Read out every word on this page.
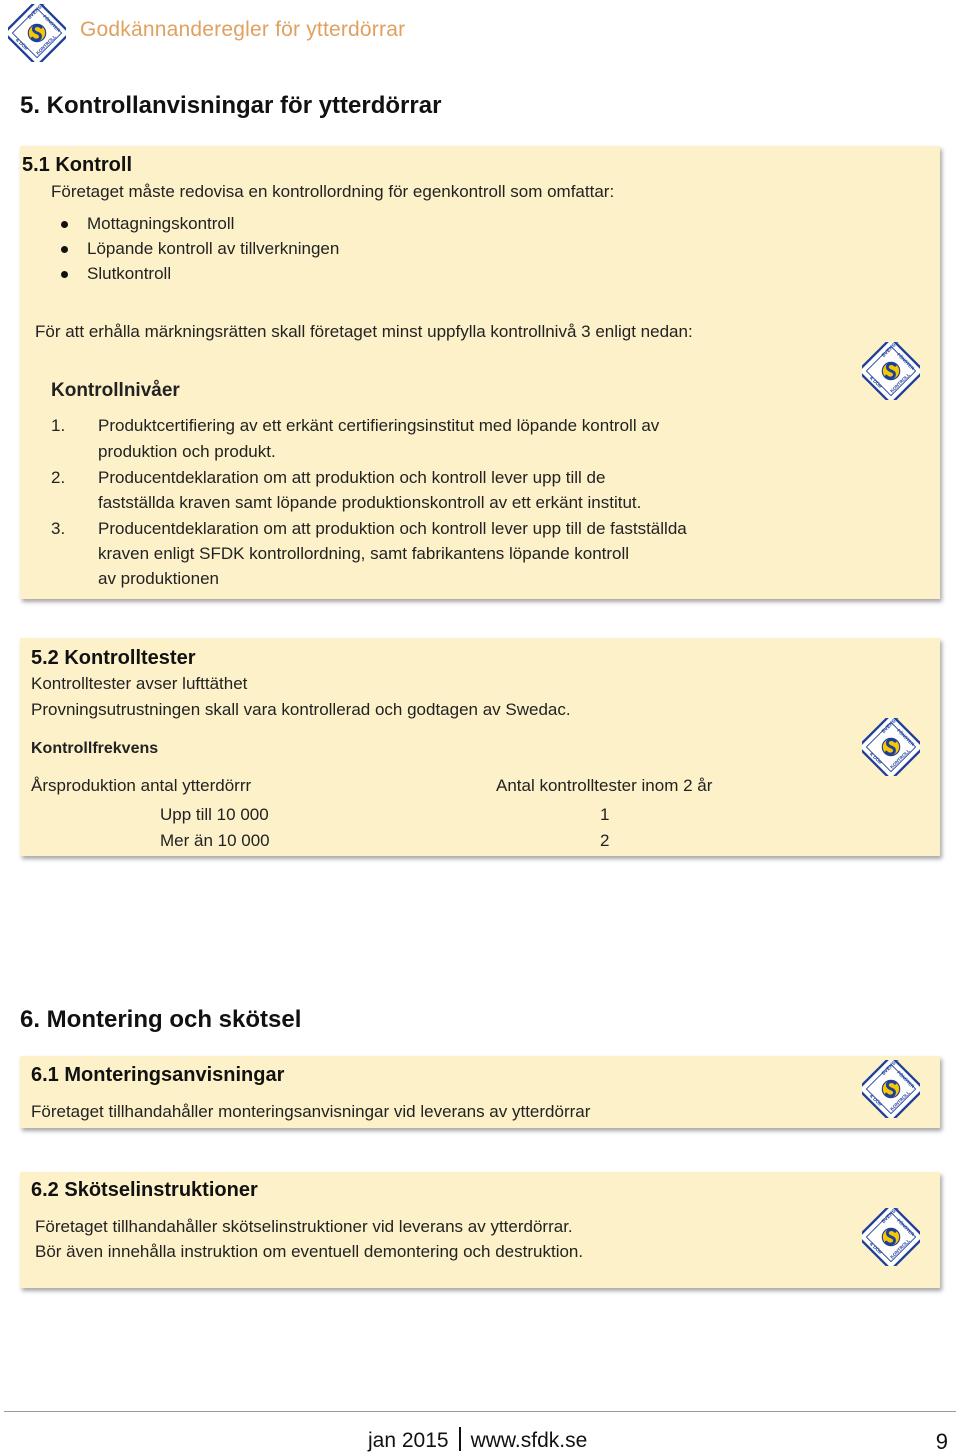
Godkännanderegler för ytterdörrar
5. Kontrollanvisningar för ytterdörrar
5.1 Kontroll
Företaget måste redovisa en kontrollordning för egenkontroll som omfattar:
Mottagningskontroll
Löpande kontroll av tillverkningen
Slutkontroll
För att erhålla märkningsrätten skall företaget minst uppfylla kontrollnivå 3 enligt nedan:
Kontrollnivåer
1. Produktcertifiering av ett erkänt certifieringsinstitut med löpande kontroll av
produktion och produkt.
2. Producentdeklaration om att produktion och kontroll lever upp till de
fastställda kraven samt löpande produktionskontroll av ett erkänt institut.
3. Producentdeklaration om att produktion och kontroll lever upp till de fastställda
kraven enligt SFDK kontrollordning, samt fabrikantens löpande kontroll
av produktionen
5.2 Kontrolltester
Kontrolltester avser lufttäthet
Provningsutrustningen skall vara kontrollerad och godtagen av Swedac.
Kontrollfrekvens
Årsproduktion antal ytterdörrr	Antal kontrolltester inom 2 år
Upp till 10 000	1
Mer än 10 000	2
6. Montering och skötsel
6.1 Monteringsanvisningar
Företaget tillhandahåller monteringsanvisningar vid leverans av ytterdörrar
6.2 Skötselinstruktioner
Företaget tillhandahåller skötselinstruktioner vid leverans av ytterdörrar.
Bör även innehålla instruktion om eventuell demontering och destruktion.
jan 2015 www.sfdk.se	9
